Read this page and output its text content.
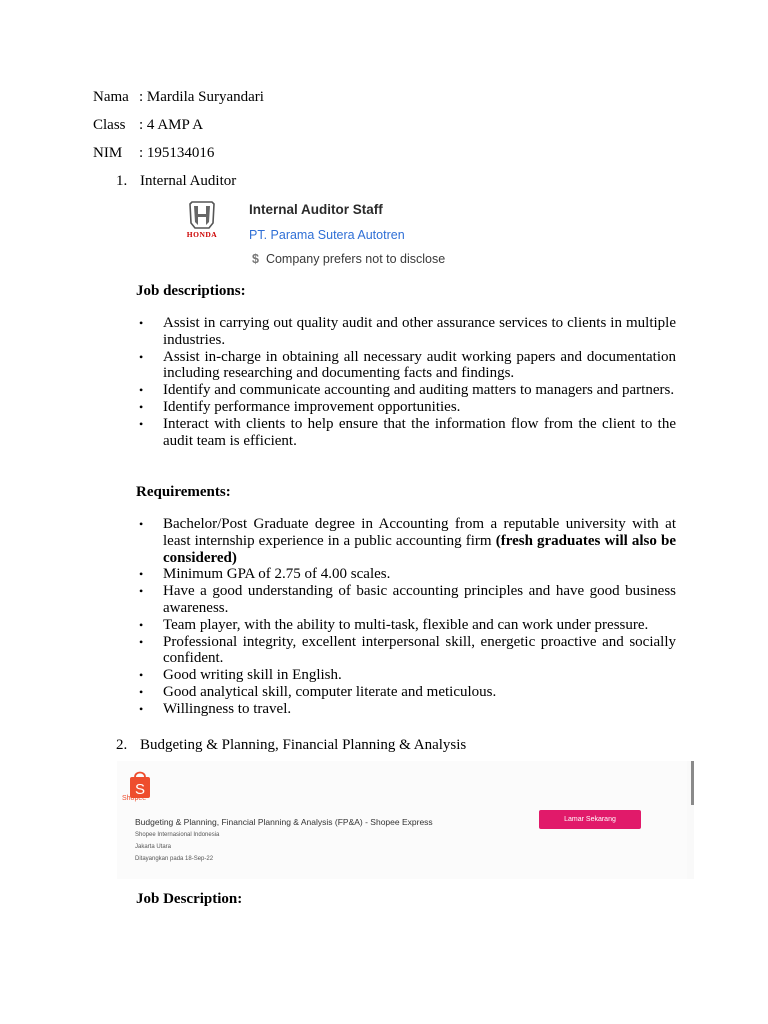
Nama : Mardila Suryandari
Class : 4 AMP A
NIM : 195134016
1. Internal Auditor
HONDA
Internal Auditor Staff
PT. Parama Sutera Autotren
$ Company prefers not to disclose
Job descriptions:
• Assist in carrying out quality audit and other assurance services to clients in multiple industries.
• Assist in-charge in obtaining all necessary audit working papers and documentation including researching and documenting facts and findings.
• Identify and communicate accounting and auditing matters to managers and partners.
• Identify performance improvement opportunities.
• Interact with clients to help ensure that the information flow from the client to the audit team is efficient.
Requirements:
• Bachelor/Post Graduate degree in Accounting from a reputable university with at least internship experience in a public accounting firm (fresh graduates will also be considered)
• Minimum GPA of 2.75 of 4.00 scales.
• Have a good understanding of basic accounting principles and have good business awareness.
• Team player, with the ability to multi-task, flexible and can work under pressure.
• Professional integrity, excellent interpersonal skill, energetic proactive and socially confident.
• Good writing skill in English.
• Good analytical skill, computer literate and meticulous.
• Willingness to travel.
2. Budgeting & Planning, Financial Planning & Analysis
S
Shopee
Budgeting & Planning, Financial Planning & Analysis (FP&A) - Shopee Express
Shopee Internasional Indonesia
Jakarta Utara
Ditayangkan pada 18-Sep-22
Lamar Sekarang
Job Description:
